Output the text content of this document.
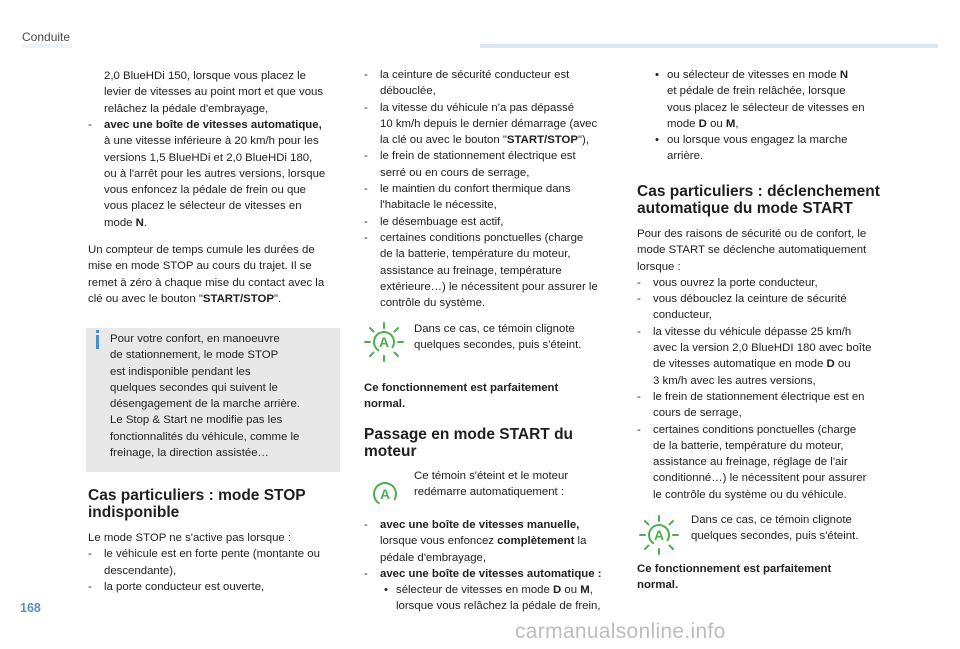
Conduite
2,0 BlueHDi 150, lorsque vous placez le
levier de vitesses au point mort et que vous
relâchez la pédale d'embrayage,
- avec une boîte de vitesses automatique,
à une vitesse inférieure à 20 km/h pour les
versions 1,5 BlueHDi et 2,0 BlueHDi 180,
ou à l'arrêt pour les autres versions, lorsque
vous enfoncez la pédale de frein ou que
vous placez le sélecteur de vitesses en
mode N.
Un compteur de temps cumule les durées de
mise en mode STOP au cours du trajet. Il se
remet à zéro à chaque mise du contact avec la
clé ou avec le bouton "START/STOP".
Pour votre confort, en manoeuvre
de stationnement, le mode STOP
est indisponible pendant les
quelques secondes qui suivent le
désengagement de la marche arrière.
Le Stop & Start ne modifie pas les
fonctionnalités du véhicule, comme le
freinage, la direction assistée…
Cas particuliers : mode STOP
indisponible
Le mode STOP ne s'active pas lorsque :
- le véhicule est en forte pente (montante ou
descendante),
- la porte conducteur est ouverte,
- la ceinture de sécurité conducteur est
débouclée,
- la vitesse du véhicule n'a pas dépassé
10 km/h depuis le dernier démarrage (avec
la clé ou avec le bouton "START/STOP"),
- le frein de stationnement électrique est
serré ou en cours de serrage,
- le maintien du confort thermique dans
l'habitacle le nécessite,
- le désembuage est actif,
- certaines conditions ponctuelles (charge
de la batterie, température du moteur,
assistance au freinage, température
extérieure…) le nécessitent pour assurer le
contrôle du système.
A
Dans ce cas, ce témoin clignote
quelques secondes, puis s'éteint.
Ce fonctionnement est parfaitement
normal.
Passage en mode START du
moteur
A
Ce témoin s'éteint et le moteur
redémarre automatiquement :
- avec une boîte de vitesses manuelle,
lorsque vous enfoncez complètement la
pédale d'embrayage,
- avec une boîte de vitesses automatique :
• sélecteur de vitesses en mode D ou M,
lorsque vous relâchez la pédale de frein,
• ou sélecteur de vitesses en mode N
et pédale de frein relâchée, lorsque
vous placez le sélecteur de vitesses en
mode D ou M,
• ou lorsque vous engagez la marche
arrière.
Cas particuliers : déclenchement
automatique du mode START
Pour des raisons de sécurité ou de confort, le
mode START se déclenche automatiquement
lorsque :
- vous ouvrez la porte conducteur,
- vous débouclez la ceinture de sécurité
conducteur,
- la vitesse du véhicule dépasse 25 km/h
avec la version 2,0 BlueHDI 180 avec boîte
de vitesses automatique en mode D ou
3 km/h avec les autres versions,
- le frein de stationnement électrique est en
cours de serrage,
- certaines conditions ponctuelles (charge
de la batterie, température du moteur,
assistance au freinage, réglage de l'air
conditionné…) le nécessitent pour assurer
le contrôle du système ou du véhicule.
A
Dans ce cas, ce témoin clignote
quelques secondes, puis s'éteint.
Ce fonctionnement est parfaitement
normal.
168
carmanualsonline.info
